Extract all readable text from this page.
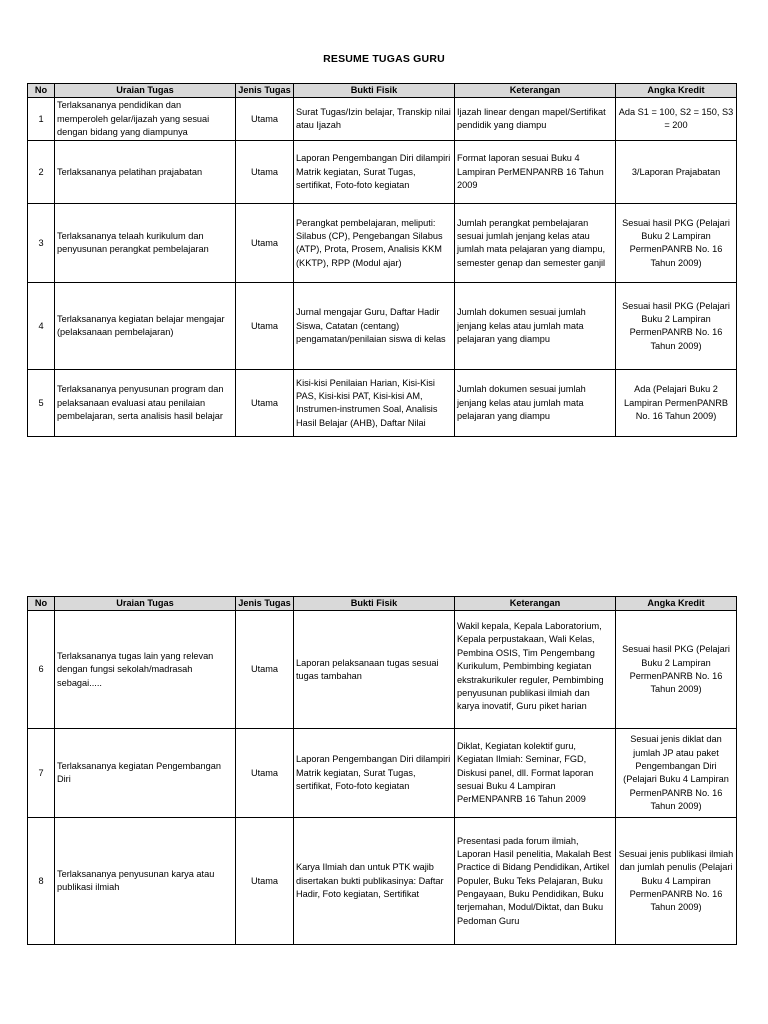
RESUME TUGAS GURU
No	Uraian Tugas	Jenis Tugas	Bukti Fisik	Keterangan	Angka Kredit
1	Terlaksananya pendidikan dan memperoleh gelar/ijazah yang sesuai dengan bidang yang diampunya	Utama	Surat Tugas/Izin belajar, Transkip nilai atau Ijazah	Ijazah linear dengan mapel/Sertifikat pendidik yang diampu	Ada S1 = 100, S2 = 150, S3 = 200
2	Terlaksananya pelatihan prajabatan	Utama	Laporan Pengembangan Diri dilampiri Matrik kegiatan, Surat Tugas, sertifikat, Foto-foto kegiatan	Format laporan sesuai Buku 4 Lampiran PerMENPANRB 16 Tahun 2009	3/Laporan Prajabatan
3	Terlaksananya telaah kurikulum dan penyusunan perangkat pembelajaran	Utama	Perangkat pembelajaran, meliputi: Silabus (CP), Pengebangan Silabus (ATP), Prota, Prosem, Analisis KKM (KKTP), RPP (Modul ajar)	Jumlah perangkat pembelajaran sesuai jumlah jenjang kelas atau jumlah mata pelajaran yang diampu, semester genap dan semester ganjil	Sesuai hasil PKG (Pelajari Buku 2 Lampiran PermenPANRB No. 16 Tahun 2009)
4	Terlaksananya kegiatan belajar mengajar (pelaksanaan pembelajaran)	Utama	Jurnal mengajar Guru, Daftar Hadir Siswa, Catatan (centang) pengamatan/penilaian siswa di kelas	Jumlah dokumen sesuai jumlah jenjang kelas atau jumlah mata pelajaran yang diampu	Sesuai hasil PKG (Pelajari Buku 2 Lampiran PermenPANRB No. 16 Tahun 2009)
5	Terlaksananya penyusunan program dan pelaksanaan evaluasi atau penilaian pembelajaran, serta analisis hasil belajar	Utama	Kisi-kisi Penilaian Harian, Kisi-Kisi PAS, Kisi-kisi PAT, Kisi-kisi AM, Instrumen-instrumen Soal, Analisis Hasil Belajar (AHB), Daftar Nilai	Jumlah dokumen sesuai jumlah jenjang kelas atau jumlah mata pelajaran yang diampu	Ada (Pelajari Buku 2 Lampiran PermenPANRB No. 16 Tahun 2009)
No	Uraian Tugas	Jenis Tugas	Bukti Fisik	Keterangan	Angka Kredit
6	Terlaksananya tugas lain yang relevan dengan fungsi sekolah/madrasah sebagai.....	Utama	Laporan pelaksanaan tugas sesuai tugas tambahan	Wakil kepala, Kepala Laboratorium, Kepala perpustakaan, Wali Kelas, Pembina OSIS, Tim Pengembang Kurikulum, Pembimbing kegiatan ekstrakurikuler reguler, Pembimbing penyusunan publikasi ilmiah dan karya inovatif, Guru piket harian	Sesuai hasil PKG (Pelajari Buku 2 Lampiran PermenPANRB No. 16 Tahun 2009)
7	Terlaksananya kegiatan Pengembangan Diri	Utama	Laporan Pengembangan Diri dilampiri Matrik kegiatan, Surat Tugas, sertifikat, Foto-foto kegiatan	Diklat, Kegiatan kolektif guru, Kegiatan Ilmiah: Seminar, FGD, Diskusi panel, dll. Format laporan sesuai Buku 4 Lampiran PerMENPANRB 16 Tahun 2009	Sesuai jenis diklat dan jumlah JP atau paket Pengembangan Diri (Pelajari Buku 4 Lampiran PermenPANRB No. 16 Tahun 2009)
8	Terlaksananya penyusunan karya atau publikasi ilmiah	Utama	Karya Ilmiah dan untuk PTK wajib disertakan bukti publikasinya: Daftar Hadir, Foto kegiatan, Sertifikat	Presentasi pada forum ilmiah, Laporan Hasil penelitia, Makalah Best Practice di Bidang Pendidikan, Artikel Populer, Buku Teks Pelajaran, Buku Pengayaan, Buku Pendidikan, Buku terjemahan, Modul/Diktat, dan Buku Pedoman Guru	Sesuai jenis publikasi ilmiah dan jumlah penulis (Pelajari Buku 4 Lampiran PermenPANRB No. 16 Tahun 2009)
